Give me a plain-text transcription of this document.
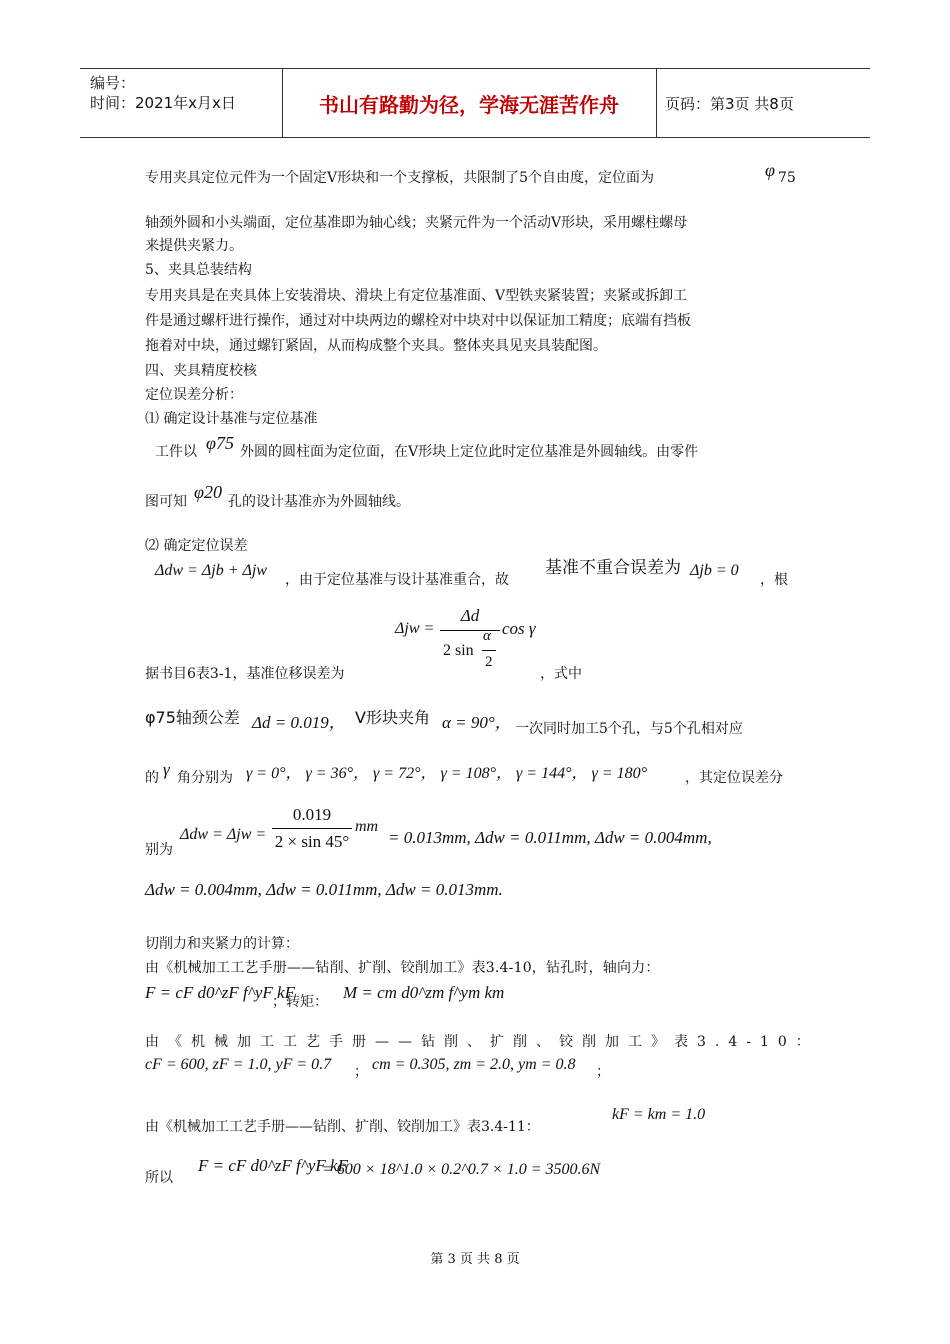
编号：
时间：2021年x月x日	书山有路勤为径，学海无涯苦作舟	页码：第3页 共8页
专用夹具定位元件为一个固定V形块和一个支撑板，共限制了5个自由度，定位面为	φ 75
轴颈外圆和小头端面，定位基准即为轴心线；夹紧元件为一个活动V形块，采用螺柱螺母
来提供夹紧力。
5、夹具总装结构
专用夹具是在夹具体上安装滑块、滑块上有定位基准面、V型铁夹紧装置；夹紧或拆卸工
件是通过螺杆进行操作，通过对中块两边的螺栓对中块对中以保证加工精度；底端有挡板
拖着对中块，通过螺钉紧固，从而构成整个夹具。整体夹具见夹具装配图。
四、夹具精度校核
定位误差分析：
⑴ 确定设计基准与定位基准
工件以 φ75 外圆的圆柱面为定位面，在V形块上定位此时定位基准是外圆轴线。由零件
图可知 φ20 孔的设计基准亦为外圆轴线。
⑵ 确定定位误差
Δdw = Δjb + Δjw
，由于定位基准与设计基准重合，故
基准不重合误差为 Δjb = 0
，根
Δjw =
Δd
2 sin
α
2
cos γ
据书目6表3-1，基准位移误差为	，式中
φ75轴颈公差 Δd = 0.019， V形块夹角 α = 90°， 一次同时加工5个孔，与5个孔相对应
的 γ 角分别为 γ = 0°， γ = 36°， γ = 72°， γ = 108°， γ = 144°， γ = 180°	，其定位误差分
别为
Δdw = Δjw =
0.019
2 × sin 45°
mm
= 0.013mm, Δdw = 0.011mm, Δdw = 0.004mm,
Δdw = 0.004mm, Δdw = 0.011mm, Δdw = 0.013mm.
切削力和夹紧力的计算：
由《机械加工工艺手册——钻削、扩削、铰削加工》表3.4-10，钻孔时，轴向力：
F = cF d0^zF f^yF kF
；转矩： M = cm d0^zm f^ym km
由《机械加工工艺手册——钻削、扩削、铰削加工》表3.4-10：
cF = 600, zF = 1.0, yF = 0.7 ； cm = 0.305, zm = 2.0, ym = 0.8 ；
由《机械加工工艺手册——钻削、扩削、铰削加工》表3.4-11：
kF = km = 1.0
所以
F = cF d0^zF f^yF kF
= 600 × 18^1.0 × 0.2^0.7 × 1.0 = 3500.6N
第 3 页 共 8 页
